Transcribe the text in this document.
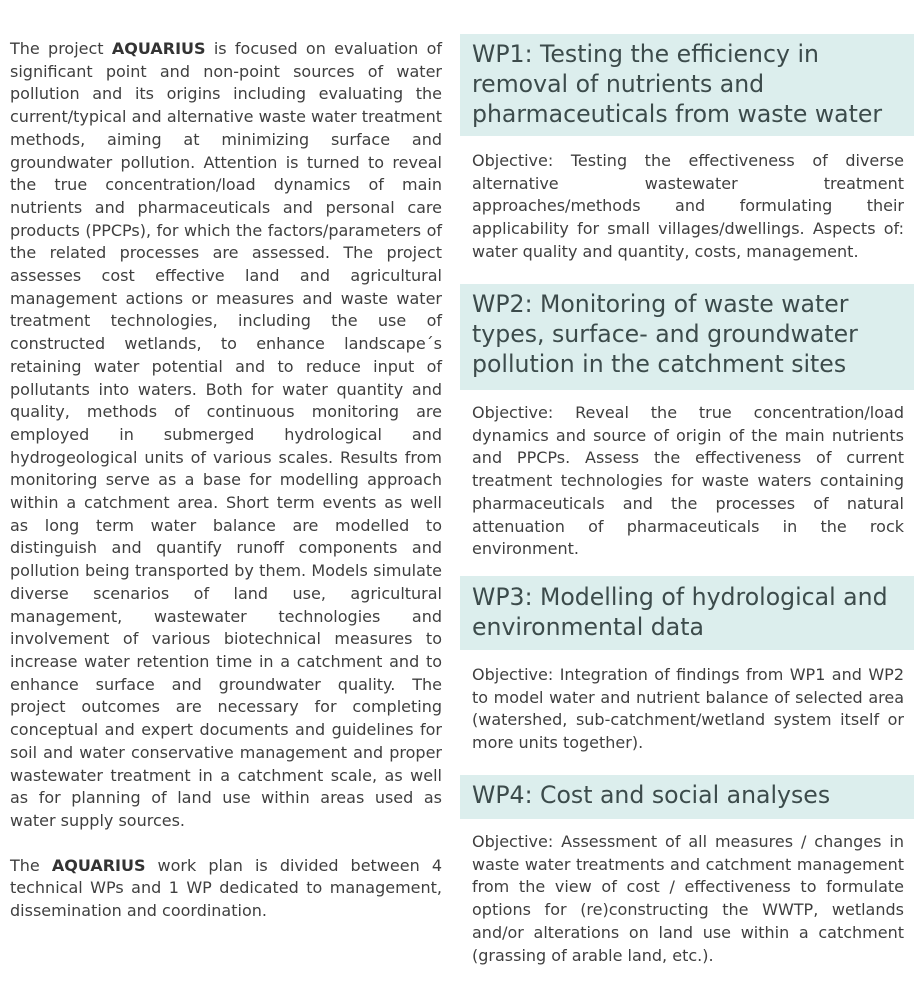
The project AQUARIUS is focused on evaluation of significant point and non-point sources of water pollution and its origins including evaluating the current/typical and alternative waste water treatment methods, aiming at minimizing surface and groundwater pollution. Attention is turned to reveal the true concentration/load dynamics of main nutrients and pharmaceuticals and personal care products (PPCPs), for which the factors/parameters of the related processes are assessed. The project assesses cost effective land and agricultural management actions or measures and waste water treatment technologies, including the use of constructed wetlands, to enhance landscape´s retaining water potential and to reduce input of pollutants into waters. Both for water quantity and quality, methods of continuous monitoring are employed in submerged hydrological and hydrogeological units of various scales. Results from monitoring serve as a base for modelling approach within a catchment area. Short term events as well as long term water balance are modelled to distinguish and quantify runoff components and pollution being transported by them. Models simulate diverse scenarios of land use, agricultural management, wastewater technologies and involvement of various biotechnical measures to increase water retention time in a catchment and to enhance surface and groundwater quality. The project outcomes are necessary for completing conceptual and expert documents and guidelines for soil and water conservative management and proper wastewater treatment in a catchment scale, as well as for planning of land use within areas used as water supply sources.

The AQUARIUS work plan is divided between 4 technical WPs and 1 WP dedicated to management, dissemination and coordination.

WP1: Testing the efficiency in removal of nutrients and pharmaceuticals from waste water
Objective: Testing the effectiveness of diverse alternative wastewater treatment approaches/methods and formulating their applicability for small villages/dwellings. Aspects of: water quality and quantity, costs, management.
WP2: Monitoring of waste water types, surface- and groundwater pollution in the catchment sites
Objective: Reveal the true concentration/load dynamics and source of origin of the main nutrients and PPCPs. Assess the effectiveness of current treatment technologies for waste waters containing pharmaceuticals and the processes of natural attenuation of pharmaceuticals in the rock environment.
WP3: Modelling of hydrological and environmental data
Objective: Integration of findings from WP1 and WP2 to model water and nutrient balance of selected area (watershed, sub-catchment/wetland system itself or more units together).
WP4: Cost and social analyses
Objective: Assessment of all measures / changes in waste water treatments and catchment management from the view of cost / effectiveness to formulate options for (re)constructing the WWTP, wetlands and/or alterations on land use within a catchment (grassing of arable land, etc.).
